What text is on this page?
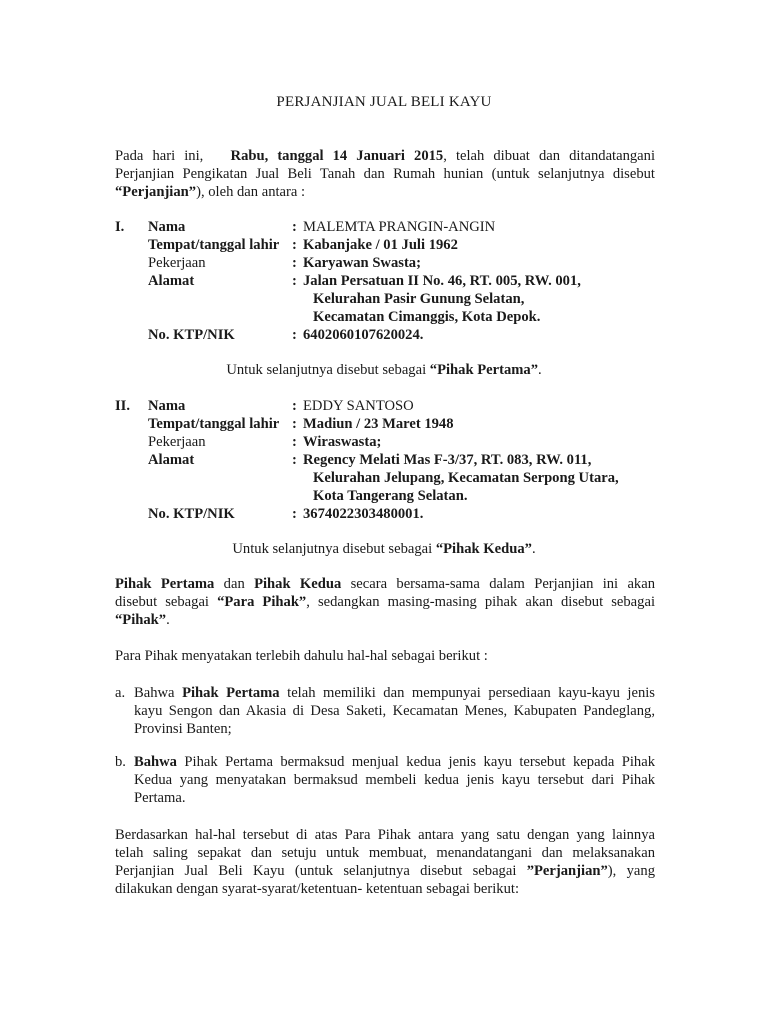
PERJANJIAN JUAL BELI KAYU
Pada hari ini, Rabu, tanggal 14 Januari 2015, telah dibuat dan ditandatangani
Perjanjian Pengikatan Jual Beli Tanah dan Rumah hunian (untuk selanjutnya disebut
“Perjanjian”), oleh dan antara :
I. Nama
Tempat/tanggal lahir
Pekerjaan
Alamat
No. KTP/NIK
:
:
:
:
:
MALEMTA PRANGIN-ANGIN
Kabanjake / 01 Juli 1962
Karyawan Swasta;
Jalan Persatuan II No. 46, RT. 005, RW. 001,
Kelurahan Pasir Gunung Selatan,
Kecamatan Cimanggis, Kota Depok.
6402060107620024.
Untuk selanjutnya disebut sebagai “Pihak Pertama”.
II. Nama
Tempat/tanggal lahir
Pekerjaan
Alamat
No. KTP/NIK
:
:
:
:
:
EDDY SANTOSO
Madiun / 23 Maret 1948
Wiraswasta;
Regency Melati Mas F-3/37, RT. 083, RW. 011,
Kelurahan Jelupang, Kecamatan Serpong Utara,
Kota Tangerang Selatan.
3674022303480001.
Untuk selanjutnya disebut sebagai “Pihak Kedua”.
Pihak Pertama dan Pihak Kedua secara bersama-sama dalam Perjanjian ini akan
disebut sebagai “Para Pihak”, sedangkan masing-masing pihak akan disebut sebagai
“Pihak”.
Para Pihak menyatakan terlebih dahulu hal-hal sebagai berikut :
a. Bahwa Pihak Pertama telah memiliki dan mempunyai persediaan kayu-kayu jenis
kayu Sengon dan Akasia di Desa Saketi, Kecamatan Menes, Kabupaten Pandeglang,
Provinsi Banten;
b. Bahwa Pihak Pertama bermaksud menjual kedua jenis kayu tersebut kepada Pihak
Kedua yang menyatakan bermaksud membeli kedua jenis kayu tersebut dari Pihak
Pertama.
Berdasarkan hal-hal tersebut di atas Para Pihak antara yang satu dengan yang lainnya
telah saling sepakat dan setuju untuk membuat, menandatangani dan melaksanakan
Perjanjian Jual Beli Kayu (untuk selanjutnya disebut sebagai ”Perjanjian”), yang
dilakukan dengan syarat-syarat/ketentuan- ketentuan sebagai berikut:
